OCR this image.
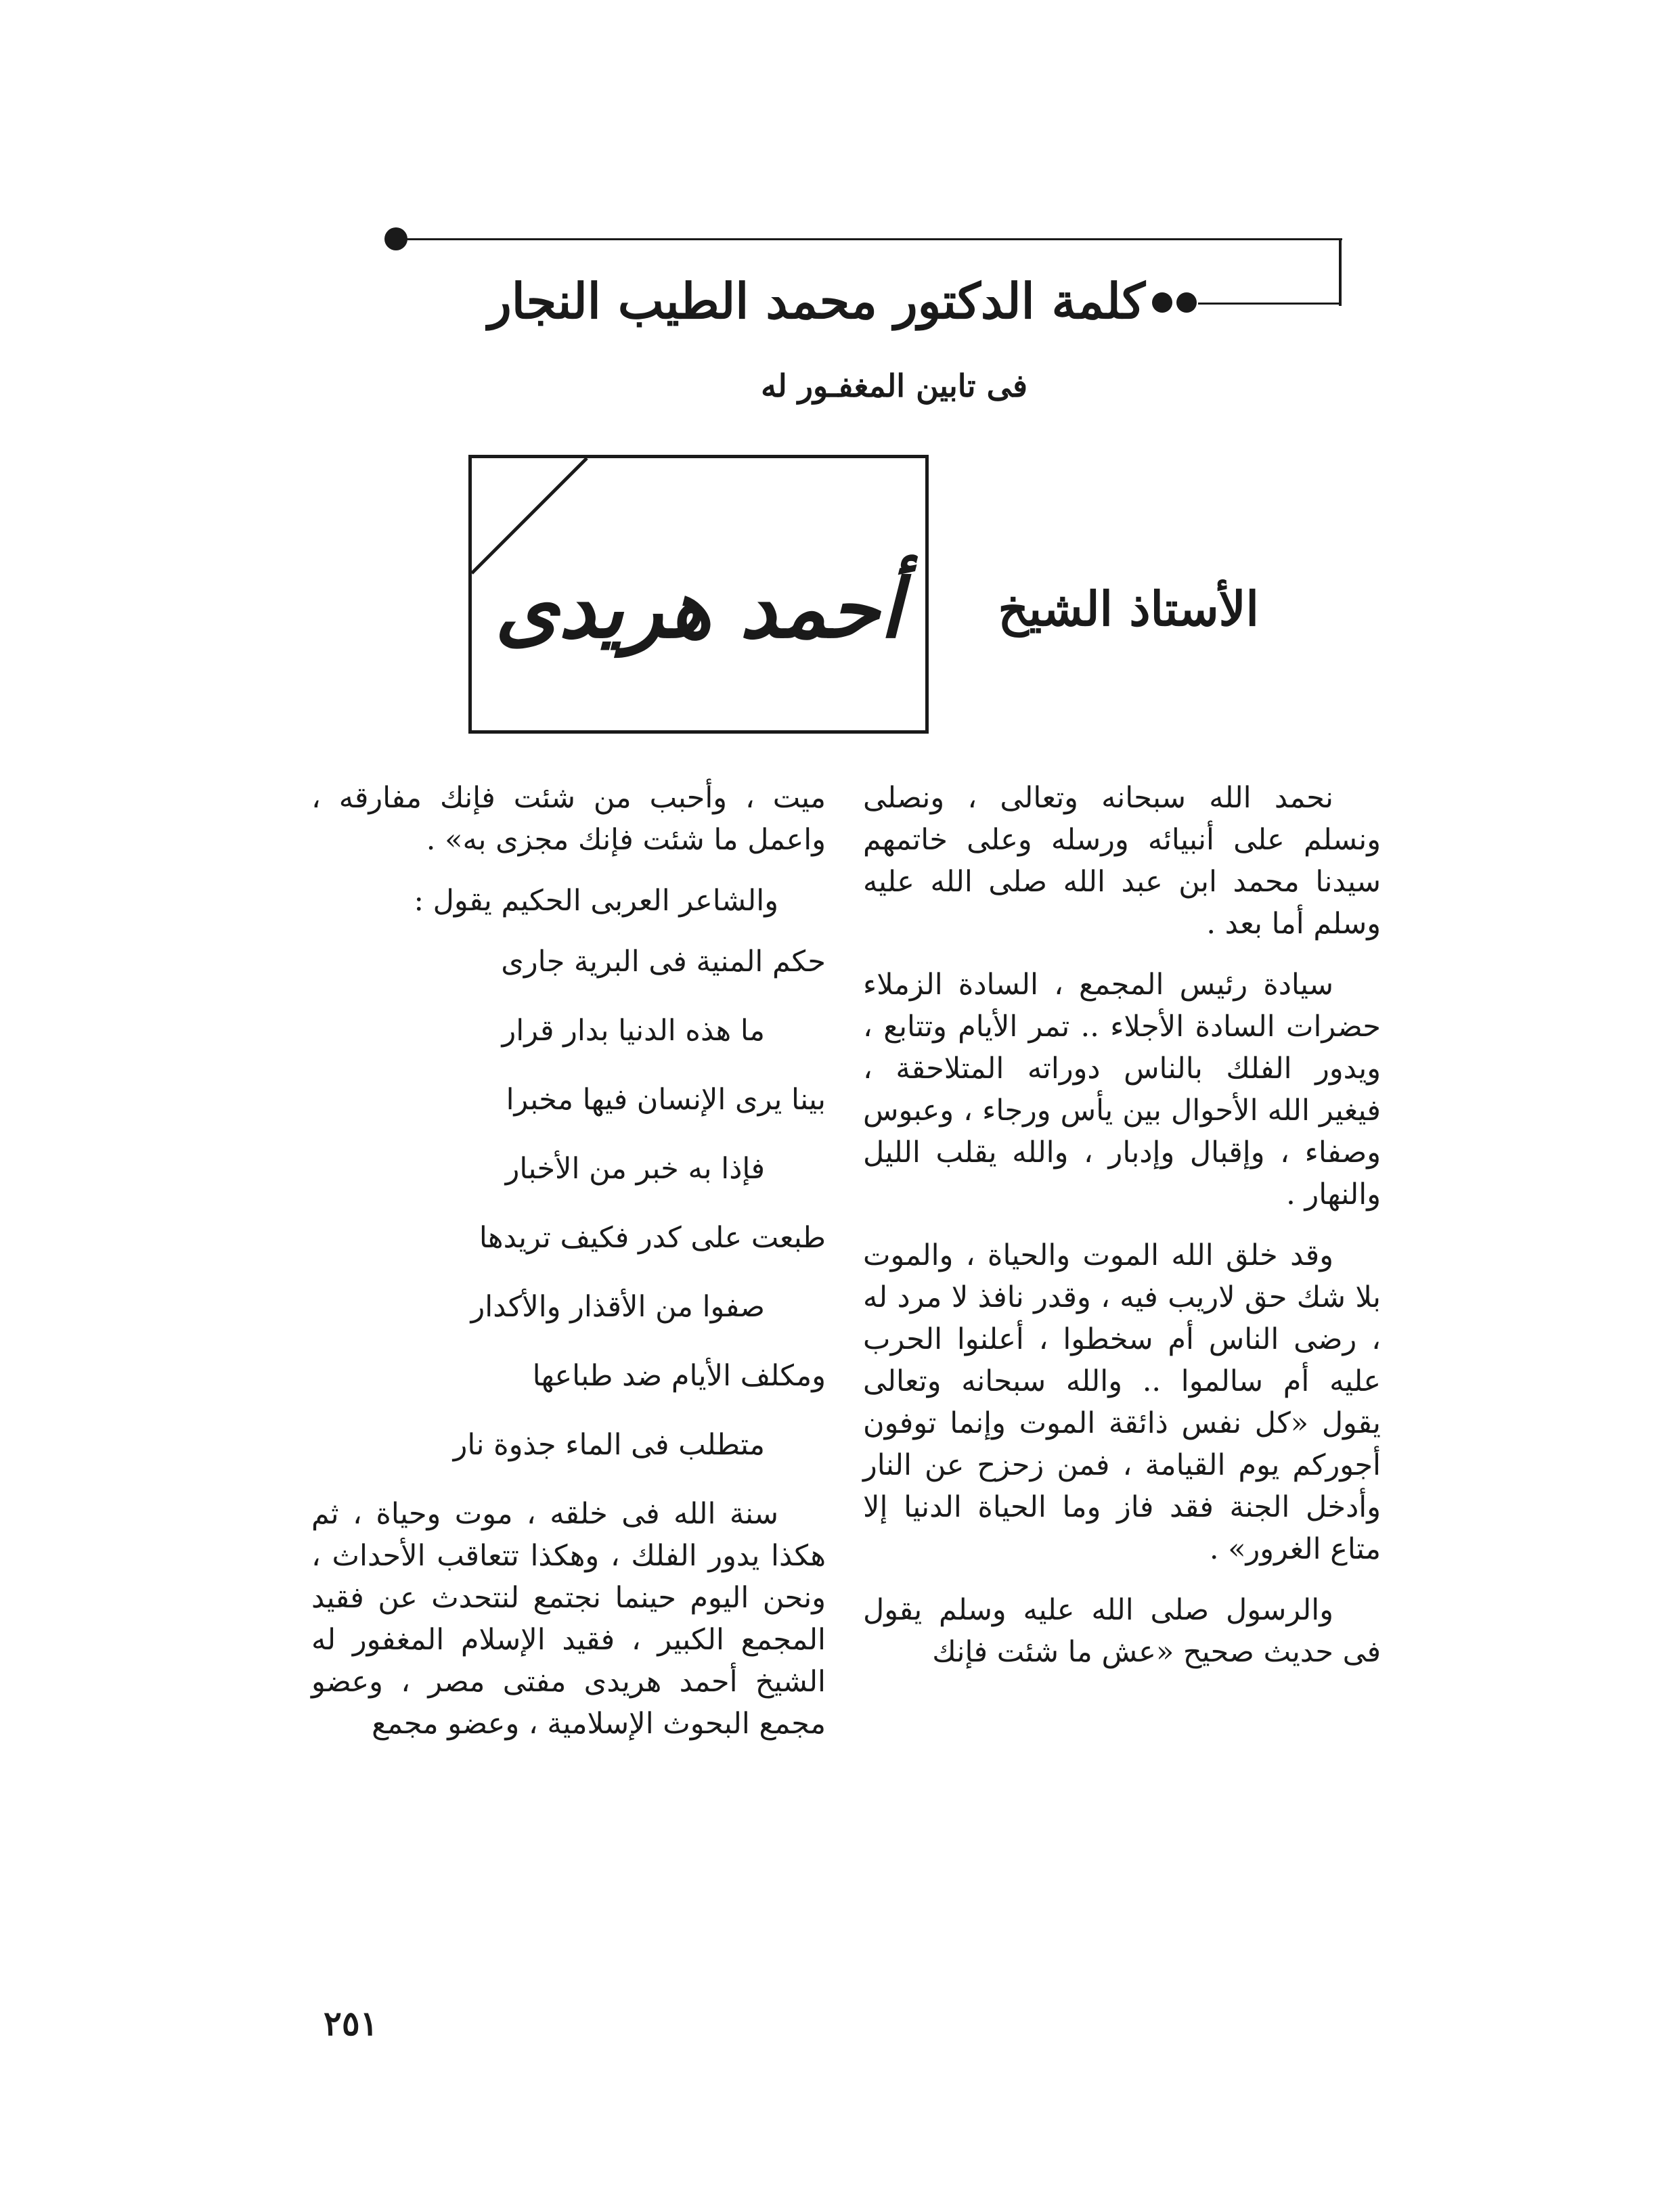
كلمة الدكتور محمد الطيب النجار
فى تابين المغفـور له
أحمد هريدى	الأستاذ الشيخ

نحمد الله سبحانه وتعالى ، ونصلى ونسلم على أنبيائه ورسله وعلى خاتمهم سيدنا محمد ابن عبد الله صلى الله عليه وسلم أما بعد .

سيادة رئيس المجمع ، السادة الزملاء حضرات السادة الأجلاء .. تمر الأيام وتتابع ، ويدور الفلك بالناس دوراته المتلاحقة ، فيغير الله الأحوال بين يأس ورجاء ، وعبوس وصفاء ، وإقبال وإدبار ، والله يقلب الليل والنهار .

وقد خلق الله الموت والحياة ، والموت بلا شك حق لاريب فيه ، وقدر نافذ لا مرد له ، رضى الناس أم سخطوا ، أعلنوا الحرب عليه أم سالموا .. والله سبحانه وتعالى يقول «كل نفس ذائقة الموت وإنما توفون أجوركم يوم القيامة ، فمن زحزح عن النار وأدخل الجنة فقد فاز وما الحياة الدنيا إلا متاع الغرور» .

والرسول صلى الله عليه وسلم يقول فى حديث صحيح «عش ما شئت فإنك

ميت ، وأحبب من شئت فإنك مفارقه ، واعمل ما شئت فإنك مجزى به» .

والشاعر العربى الحكيم يقول :

حكم المنية فى البرية جارى

ما هذه الدنيا بدار قرار

بينا يرى الإنسان فيها مخبرا

فإذا به خبر من الأخبار

طبعت على كدر فكيف تريدها

صفوا من الأقذار والأكدار

ومكلف الأيام ضد طباعها

متطلب فى الماء جذوة نار

سنة الله فى خلقه ، موت وحياة ، ثم هكذا يدور الفلك ، وهكذا تتعاقب الأحداث ، ونحن اليوم حينما نجتمع لنتحدث عن فقيد المجمع الكبير ، فقيد الإسلام المغفور له الشيخ أحمد هريدى مفتى مصر ، وعضو مجمع البحوث الإسلامية ، وعضو مجمع

٢٥١
